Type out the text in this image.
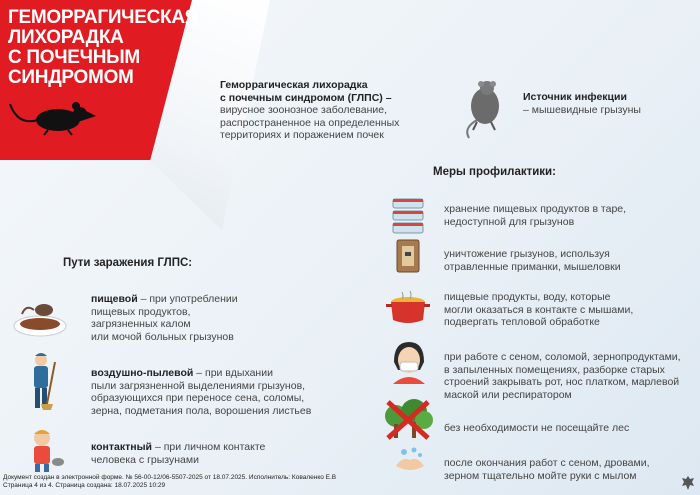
ГЕМОРРАГИЧЕСКАЯ
ЛИХОРАДКА
С ПОЧЕЧНЫМ
СИНДРОМОМ	Геморрагическая лихорадка
с почечным синдромом (ГЛПС) –
вирусное зоонозное заболевание,
распространенное на определенных
территориях и поражением почек
Источник инфекции
– мышевидные грызуны
Меры профилактики:
хранение пищевых продуктов в таре,
недоступной для грызунов
уничтожение грызунов, используя
отравленные приманки, мышеловки
пищевые продукты, воду, которые
могли оказаться в контакте с мышами,
подвергать тепловой обработке
при работе с сеном, соломой, зернопродуктами,
в запыленных помещениях, разборке старых
строений закрывать рот, нос платком, марлевой
маской или респиратором
без необходимости не посещайте лес
после окончания работ с сеном, дровами,
зерном тщательно мойте руки с мылом
Пути заражения ГЛПС:
пищевой – при употреблении
пищевых продуктов,
загрязненных калом
или мочой больных грызунов
воздушно-пылевой – при вдыхании
пыли загрязненной выделениями грызунов,
образующихся при переносе сена, соломы,
зерна, подметания пола, ворошения листьев
контактный – при личном контакте
человека с грызунами
Документ создан в электронной форме. № 56-00-12/06-5507-2025 от 18.07.2025. Исполнитель: Коваленко Е.В
Страница 4 из 4. Страница создана: 18.07.2025 10:29
